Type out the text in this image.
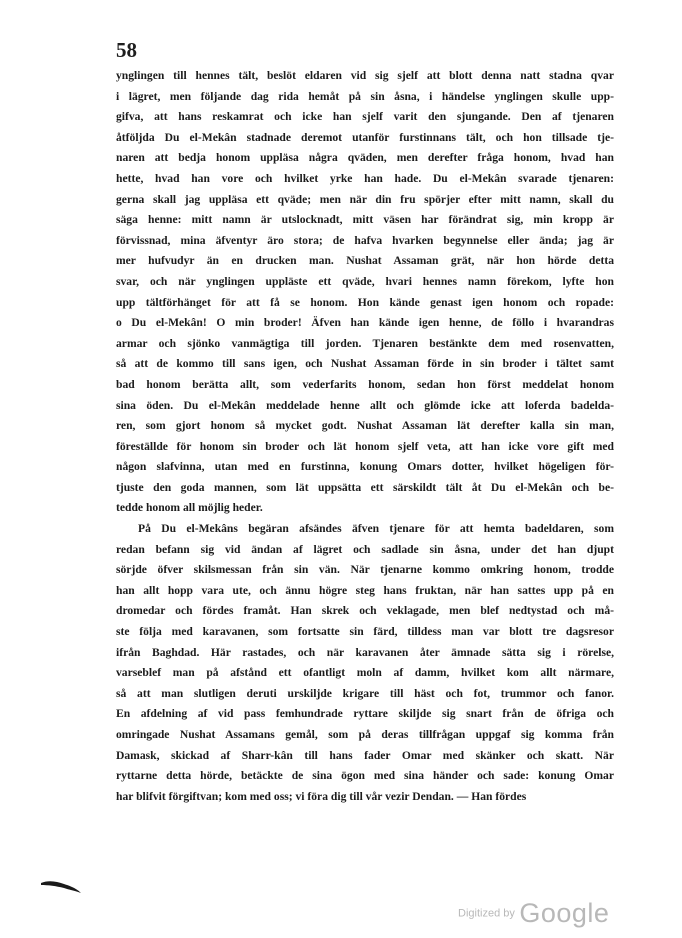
58

ynglingen till hennes tält, beslöt eldaren vid sig sjelf att blott denna natt stadna qvar
i lägret, men följande dag rida hemåt på sin åsna, i händelse ynglingen skulle upp-
gifva, att hans reskamrat och icke han sjelf varit den sjungande. Den af tjenaren
åtföljda Du el-Mekân stadnade deremot utanför furstinnans tält, och hon tillsade tje-
naren att bedja honom uppläsa några qväden, men derefter fråga honom, hvad han
hette, hvad han vore och hvilket yrke han hade. Du el-Mekân svarade tjenaren:
gerna skall jag uppläsa ett qväde; men när din fru spörjer efter mitt namn, skall du
säga henne: mitt namn är utslocknadt, mitt väsen har förändrat sig, min kropp är
förvissnad, mina äfventyr äro stora; de hafva hvarken begynnelse eller ända; jag är
mer hufvudyr än en drucken man. Nushat Assaman grät, när hon hörde detta
svar, och när ynglingen uppläste ett qväde, hvari hennes namn förekom, lyfte hon
upp tältförhänget för att få se honom. Hon kände genast igen honom och ropade:
o Du el-Mekân! O min broder! Äfven han kände igen henne, de föllo i hvarandras
armar och sjönko vanmägtiga till jorden. Tjenaren bestänkte dem med rosenvatten,
så att de kommo till sans igen, och Nushat Assaman förde in sin broder i tältet samt
bad honom berätta allt, som vederfarits honom, sedan hon först meddelat honom
sina öden. Du el-Mekân meddelade henne allt och glömde icke att loferda badelda-
ren, som gjort honom så mycket godt. Nushat Assaman lät derefter kalla sin man,
föreställde för honom sin broder och lät honom sjelf veta, att han icke vore gift med
någon slafvinna, utan med en furstinna, konung Omars dotter, hvilket högeligen för-
tjuste den goda mannen, som lät uppsätta ett särskildt tält åt Du el-Mekân och be-
tedde honom all möjlig heder.

På Du el-Mekâns begäran afsändes äfven tjenare för att hemta badeldaren, som
redan befann sig vid ändan af lägret och sadlade sin åsna, under det han djupt
sörjde öfver skilsmessan från sin vän. När tjenarne kommo omkring honom, trodde
han allt hopp vara ute, och ännu högre steg hans fruktan, när han sattes upp på en
dromedar och fördes framåt. Han skrek och veklagade, men blef nedtystad och må-
ste följa med karavanen, som fortsatte sin färd, tilldess man var blott tre dagsresor
ifrån Baghdad. Här rastades, och när karavanen åter ämnade sätta sig i rörelse,
varseblef man på afstånd ett ofantligt moln af damm, hvilket kom allt närmare,
så att man slutligen deruti urskiljde krigare till häst och fot, trummor och fanor.
En afdelning af vid pass femhundrade ryttare skiljde sig snart från de öfriga och
omringade Nushat Assamans gemål, som på deras tillfrågan uppgaf sig komma från
Damask, skickad af Sharr-kân till hans fader Omar med skänker och skatt. När
ryttarne detta hörde, betäckte de sina ögon med sina händer och sade: konung Omar
har blifvit förgiftvan; kom med oss; vi föra dig till vår vezir Dendan. — Han fördes

Digitized by Google
